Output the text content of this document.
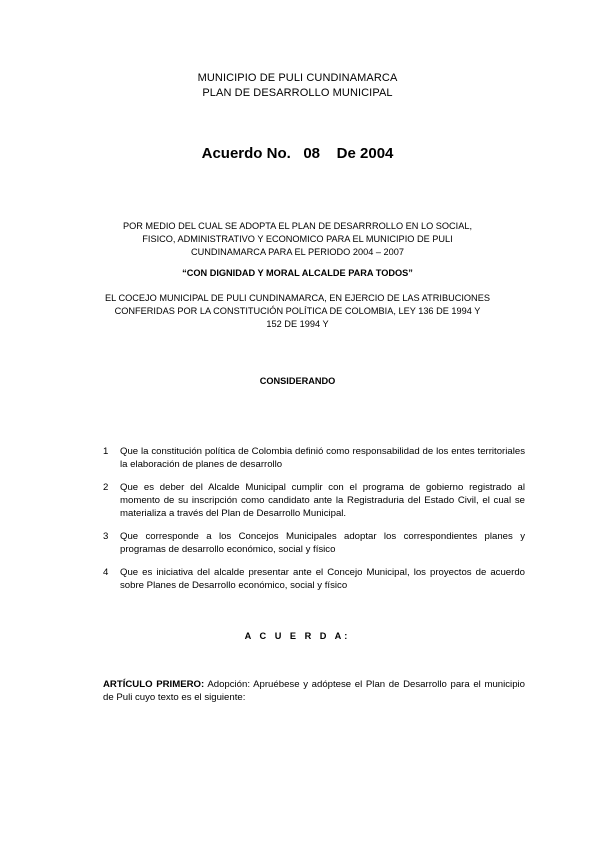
MUNICIPIO DE PULI CUNDINAMARCA
PLAN DE DESARROLLO MUNICIPAL
Acuerdo No. 08 De 2004
POR MEDIO DEL CUAL SE ADOPTA EL PLAN DE DESARRROLLO EN LO SOCIAL,
FISICO, ADMINISTRATIVO Y ECONOMICO PARA EL MUNICIPIO DE PULI
CUNDINAMARCA PARA EL PERIODO 2004 – 2007
“CON DIGNIDAD Y MORAL ALCALDE PARA TODOS”
EL COCEJO MUNICIPAL DE PULI CUNDINAMARCA, EN EJERCIO DE LAS ATRIBUCIONES
CONFERIDAS POR LA CONSTITUCIÓN POLÍTICA DE COLOMBIA, LEY 136 DE 1994 Y
152 DE 1994 Y
CONSIDERANDO
1	Que la constitución política de Colombia definió como responsabilidad de los entes territoriales la elaboración de planes de desarrollo
2	Que es deber del Alcalde Municipal cumplir con el programa de gobierno registrado al momento de su inscripción como candidato ante la Registraduria del Estado Civil, el cual se materializa a través del Plan de Desarrollo Municipal.
3	Que corresponde a los Concejos Municipales adoptar los correspondientes planes y programas de desarrollo económico, social y físico
4	Que es iniciativa del alcalde presentar ante el Concejo Municipal, los proyectos de acuerdo sobre Planes de Desarrollo económico, social y físico
A C U E R D A:
ARTÍCULO PRIMERO: Adopción: Apruébese y adóptese el Plan de Desarrollo para el municipio de Puli cuyo texto es el siguiente:
